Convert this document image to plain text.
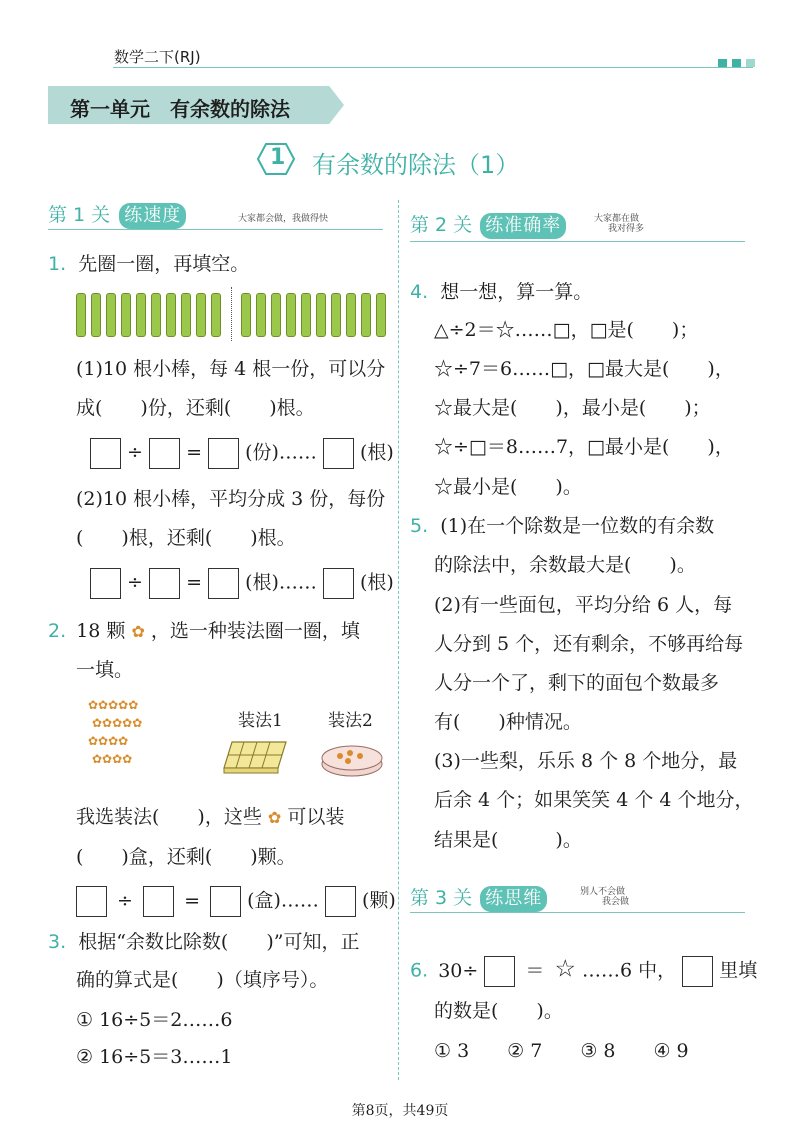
数学二下(RJ)

第一单元　有余数的除法
1 有余数的除法（1）
第 1 关 练速度	大家都会做，我做得快
1. 先圈一圈，再填空。
(1)10 根小棒，每 4 根一份，可以分
成(　　)份，还剩(　　)根。
÷ = (份)…… (根)
(2)10 根小棒，平均分成 3 份，每份
(　　)根，还剩(　　)根。
÷ = (根)…… (根)
2. 18 颗 ✿ ，选一种装法圈一圈，填
一填。
✿✿✿✿✿
✿✿✿✿✿
✿✿✿✿
✿✿✿✿
装法1	装法2
我选装法(　　)，这些 ✿ 可以装
(　　)盒，还剩(　　)颗。
÷	= (盒)…… (颗)
3. 根据“余数比除数(　　)”可知，正
确的算式是(　　)（填序号）。
① 16÷5＝2……6
② 16÷5＝3……1
第 2 关 练准确率	大家都在做
我对得多
4. 想一想，算一算。
△÷2＝☆……□，□是(　　)；
☆÷7＝6……□，□最大是(　　)，
☆最大是(　　)，最小是(　　)；
☆÷□＝8……7，□最小是(　　)，
☆最小是(　　)。
5. (1)在一个除数是一位数的有余数
的除法中，余数最大是(　　)。
(2)有一些面包，平均分给 6 人，每
人分到 5 个，还有剩余，不够再给每
人分一个了，剩下的面包个数最多
有(　　)种情况。
(3)一些梨，乐乐 8 个 8 个地分，最
后余 4 个；如果笑笑 4 个 4 个地分，
结果是(　　　)。
第 3 关 练思维	别人不会做
我会做
6. 30÷ ＝ ☆ ……6 中， 里填
的数是(　　)。
① 3　　② 7　　③ 8　　④ 9
第8页，共49页
